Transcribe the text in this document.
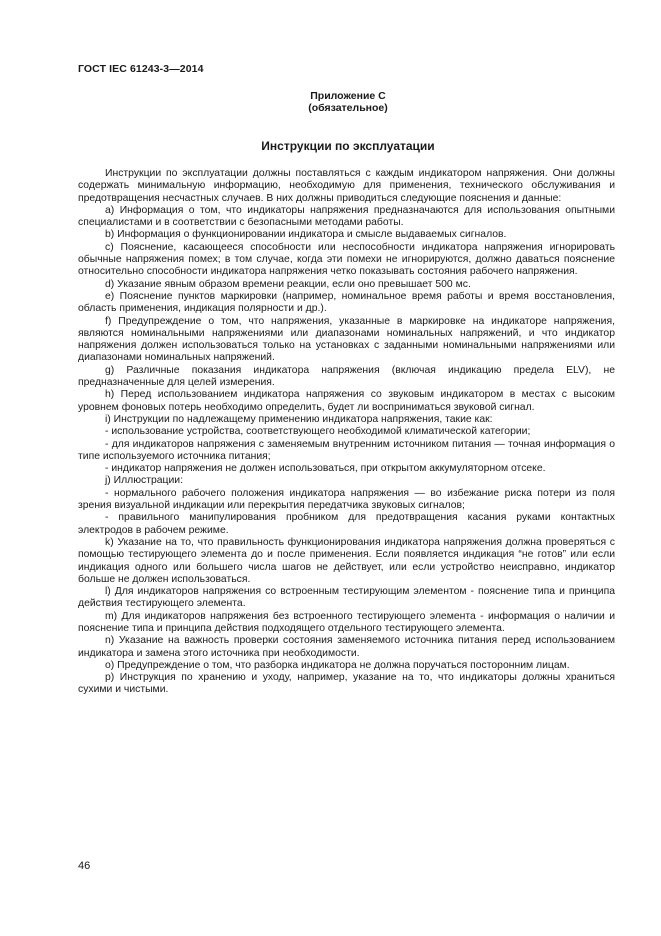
ГОСТ IEC 61243-3—2014
Приложение С
(обязательное)
Инструкции по эксплуатации

Инструкции по эксплуатации должны поставляться с каждым индикатором напряжения. Они должны содержать минимальную информацию, необходимую для применения, технического обслуживания и предотвращения несчастных случаев. В них должны приводиться следующие пояснения и данные:

a) Информация о том, что индикаторы напряжения предназначаются для использования опытными специалистами и в соответствии с безопасными методами работы.

b) Информация о функционировании индикатора и смысле выдаваемых сигналов.

c) Пояснение, касающееся способности или неспособности индикатора напряжения игнорировать обычные напряжения помех; в том случае, когда эти помехи не игнорируются, должно даваться пояснение относительно способности индикатора напряжения четко показывать состояния рабочего напряжения.

d) Указание явным образом времени реакции, если оно превышает 500 мс.

e) Пояснение пунктов маркировки (например, номинальное время работы и время восстановления, область применения, индикация полярности и др.).

f) Предупреждение о том, что напряжения, указанные в маркировке на индикаторе напряжения, являются номинальными напряжениями или диапазонами номинальных напряжений, и что индикатор напряжения должен использоваться только на установках с заданными номинальными напряжениями или диапазонами номинальных напряжений.

g) Различные показания индикатора напряжения (включая индикацию предела ELV), не предназначенные для целей измерения.

h) Перед использованием индикатора напряжения со звуковым индикатором в местах с высоким уровнем фоновых потерь необходимо определить, будет ли восприниматься звуковой сигнал.

i) Инструкции по надлежащему применению индикатора напряжения, такие как:

- использование устройства, соответствующего необходимой климатической категории;

- для индикаторов напряжения с заменяемым внутренним источником питания — точная информация о типе используемого источника питания;

- индикатор напряжения не должен использоваться, при открытом аккумуляторном отсеке.

j) Иллюстрации:

- нормального рабочего положения индикатора напряжения — во избежание риска потери из поля зрения визуальной индикации или перекрытия передатчика звуковых сигналов;

- правильного манипулирования пробником для предотвращения касания руками контактных электродов в рабочем режиме.

k) Указание на то, что правильность функционирования индикатора напряжения должна проверяться с помощью тестирующего элемента до и после применения. Если появляется индикация “не готов” или если индикация одного или большего числа шагов не действует, или если устройство неисправно, индикатор больше не должен использоваться.

l) Для индикаторов напряжения со встроенным тестирующим элементом - пояснение типа и принципа действия тестирующего элемента.

m) Для индикаторов напряжения без встроенного тестирующего элемента - информация о наличии и пояснение типа и принципа действия подходящего отдельного тестирующего элемента.

n) Указание на важность проверки состояния заменяемого источника питания перед использованием индикатора и замена этого источника при необходимости.

o) Предупреждение о том, что разборка индикатора не должна поручаться посторонним лицам.

p) Инструкция по хранению и уходу, например, указание на то, что индикаторы должны храниться сухими и чистыми.

46
